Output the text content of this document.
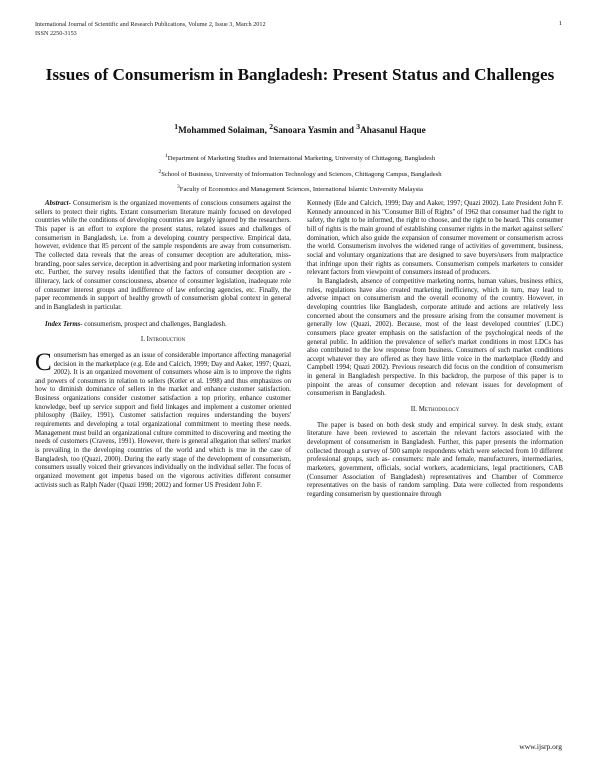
International Journal of Scientific and Research Publications, Volume 2, Issue 3, March 2012
ISSN 2250-3153
1
Issues of Consumerism in Bangladesh: Present Status and Challenges
$^1$Mohammed Solaiman, $^2$Sanoara Yasmin and $^3$Ahasanul Haque
$^1$Department of Marketing Studies and International Marketing, University of Chittagong, Bangladesh
$^2$School of Business, University of Information Technology and Sciences, Chittagong Campus, Bangladesh
$^3$Faculty of Economics and Management Sciences, International Islamic University Malaysia

Abstract- Consumerism is the organized movements of conscious consumers against the sellers to protect their rights. Extant consumerism literature mainly focused on developed countries while the conditions of developing countries are largely ignored by the researchers. This paper is an effort to explore the present status, related issues and challenges of consumerism in Bangladesh, i.e. from a developing country perspective. Empirical data, however, evidence that 85 percent of the sample respondents are away from consumerism. The collected data reveals that the areas of consumer deception are adulteration, miss-branding, poor sales service, deception in advertising and poor marketing information system etc. Further, the survey results identified that the factors of consumer deception are - illiteracy, lack of consumer consciousness, absence of consumer legislation, inadequate role of consumer interest groups and indifference of law enforcing agencies, etc. Finally, the paper recommends in support of healthy growth of consumerism global context in general and in Bangladesh in particular.

Index Terms- consumerism, prospect and challenges, Bangladesh.

I. Introduction

Consumerism has emerged as an issue of considerable importance affecting managerial decision in the marketplace (e.g. Ede and Calcich, 1999; Day and Aaker, 1997; Quazi, 2002). It is an organized movement of consumers whose aim is to improve the rights and powers of consumers in relation to sellers (Kotler et al. 1998) and thus emphasizes on how to diminish dominance of sellers in the market and enhance customer satisfaction. Business organizations consider customer satisfaction a top priority, enhance customer knowledge, beef up service support and field linkages and implement a customer oriented philosophy (Bailey, 1991). Customer satisfaction requires understanding the buyers' requirements and developing a total organizational commitment to meeting these needs. Management must build an organizational culture committed to discovering and meeting the needs of customers (Cravens, 1991). However, there is general allegation that sellers' market is prevailing in the developing countries of the world and which is true in the case of Bangladesh, too (Quazi, 2000). During the early stage of the development of consumerism, consumers usually voiced their grievances individually on the individual seller. The focus of organized movement got impetus based on the vigorous activities different consumer activists such as Ralph Nader (Quazi 1998; 2002) and former US President John F.

Kennedy (Ede and Calcich, 1999; Day and Aaker, 1997; Quazi 2002). Late President John F. Kennedy announced in his "Consumer Bill of Rights" of 1962 that consumer had the right to safety, the right to be informed, the right to choose, and the right to be heard. This consumer bill of rights is the main ground of establishing consumer rights in the market against sellers' domination, which also guide the expansion of consumer movement or consumerism across the world. Consumerism involves the widened range of activities of government, business, social and voluntary organizations that are designed to save buyers/users from malpractice that infringe upon their rights as consumers. Consumerism compels marketers to consider relevant factors from viewpoint of consumers instead of producers.

In Bangladesh, absence of competitive marketing norms, human values, business ethics, rules, regulations have also created marketing inefficiency, which in turn, may lead to adverse impact on consumerism and the overall economy of the country. However, in developing countries like Bangladesh, corporate attitude and actions are relatively less concerned about the consumers and the pressure arising from the consumer movement is generally low (Quazi, 2002). Because, most of the least developed countries' (LDC) consumers place greater emphasis on the satisfaction of the psychological needs of the general public. In addition the prevalence of seller's market conditions in most LDCs has also contributed to the low response from business. Consumers of such market conditions accept whatever they are offered as they have little voice in the marketplace (Reddy and Campbell 1994; Quazi 2002). Previous research did focus on the condition of consumerism in general in Bangladesh perspective. In this backdrop, the purpose of this paper is to pinpoint the areas of consumer deception and relevant issues for development of consumerism in Bangladesh.

II. Methodology

The paper is based on both desk study and empirical survey. In desk study, extant literature have been reviewed to ascertain the relevant factors associated with the development of consumerism in Bangladesh. Further, this paper presents the information collected through a survey of 500 sample respondents which were selected from 10 different professional groups, such as- consumers: male and female, manufacturers, intermediaries, marketers, government, officials, social workers, academicians, legal practitioners, CAB (Consumer Association of Bangladesh) representatives and Chamber of Commerce representatives on the basis of random sampling. Data were collected from respondents regarding consumerism by questionnaire through

www.ijsrp.org
